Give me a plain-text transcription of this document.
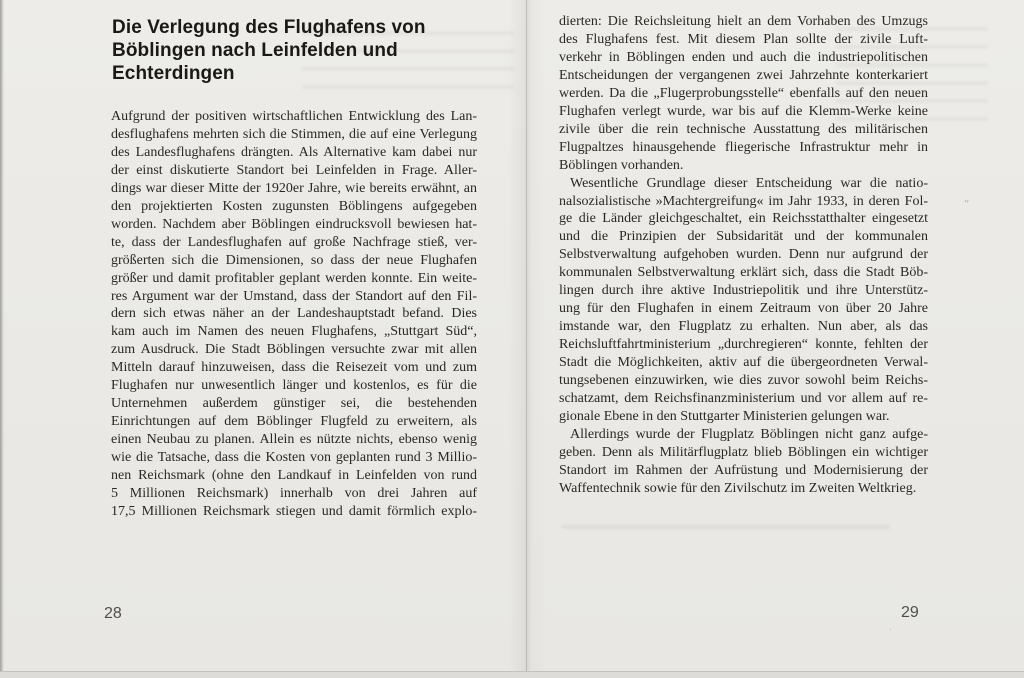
Die Verlegung des Flughafens von
Böblingen nach Leinfelden und
Echterdingen
Aufgrund der positiven wirtschaftlichen Entwicklung des Lan-
desflughafens mehrten sich die Stimmen, die auf eine Verlegung
des Landesflughafens drängten. Als Alternative kam dabei nur
der einst diskutierte Standort bei Leinfelden in Frage. Aller-
dings war dieser Mitte der 1920er Jahre, wie bereits erwähnt, an
den projektierten Kosten zugunsten Böblingens aufgegeben
worden. Nachdem aber Böblingen eindrucksvoll bewiesen hat-
te, dass der Landesflughafen auf große Nachfrage stieß, ver-
größerten sich die Dimensionen, so dass der neue Flughafen
größer und damit profitabler geplant werden konnte. Ein weite-
res Argument war der Umstand, dass der Standort auf den Fil-
dern sich etwas näher an der Landeshauptstadt befand. Dies
kam auch im Namen des neuen Flughafens, „Stuttgart Süd“,
zum Ausdruck. Die Stadt Böblingen versuchte zwar mit allen
Mitteln darauf hinzuweisen, dass die Reisezeit vom und zum
Flughafen nur unwesentlich länger und kostenlos, es für die
Unternehmen außerdem günstiger sei, die bestehenden
Einrichtungen auf dem Böblinger Flugfeld zu erweitern, als
einen Neubau zu planen. Allein es nützte nichts, ebenso wenig
wie die Tatsache, dass die Kosten von geplanten rund 3 Millio-
nen Reichsmark (ohne den Landkauf in Leinfelden von rund
5 Millionen Reichsmark) innerhalb von drei Jahren auf
17,5 Millionen Reichsmark stiegen und damit förmlich explo-
28
dierten: Die Reichsleitung hielt an dem Vorhaben des Umzugs
des Flughafens fest. Mit diesem Plan sollte der zivile Luft-
verkehr in Böblingen enden und auch die industriepolitischen
Entscheidungen der vergangenen zwei Jahrzehnte konterkariert
werden. Da die „Flugerprobungsstelle“ ebenfalls auf den neuen
Flughafen verlegt wurde, war bis auf die Klemm-Werke keine
zivile über die rein technische Ausstattung des militärischen
Flugpaltzes hinausgehende fliegerische Infrastruktur mehr in
Böblingen vorhanden.
Wesentliche Grundlage dieser Entscheidung war die natio-
nalsozialistische »Machtergreifung« im Jahr 1933, in deren Fol-
ge die Länder gleichgeschaltet, ein Reichsstatthalter eingesetzt
und die Prinzipien der Subsidarität und der kommunalen
Selbstverwaltung aufgehoben wurden. Denn nur aufgrund der
kommunalen Selbstverwaltung erklärt sich, dass die Stadt Böb-
lingen durch ihre aktive Industriepolitik und ihre Unterstütz-
ung für den Flughafen in einem Zeitraum von über 20 Jahre
imstande war, den Flugplatz zu erhalten. Nun aber, als das
Reichsluftfahrtministerium „durchregieren“ konnte, fehlten der
Stadt die Möglichkeiten, aktiv auf die übergeordneten Verwal-
tungsebenen einzuwirken, wie dies zuvor sowohl beim Reichs-
schatzamt, dem Reichsfinanzministerium und vor allem auf re-
gionale Ebene in den Stuttgarter Ministerien gelungen war.
Allerdings wurde der Flugplatz Böblingen nicht ganz aufge-
geben. Denn als Militärflugplatz blieb Böblingen ein wichtiger
Standort im Rahmen der Aufrüstung und Modernisierung der
Waffentechnik sowie für den Zivilschutz im Zweiten Weltkrieg.
29
″
ʼ
